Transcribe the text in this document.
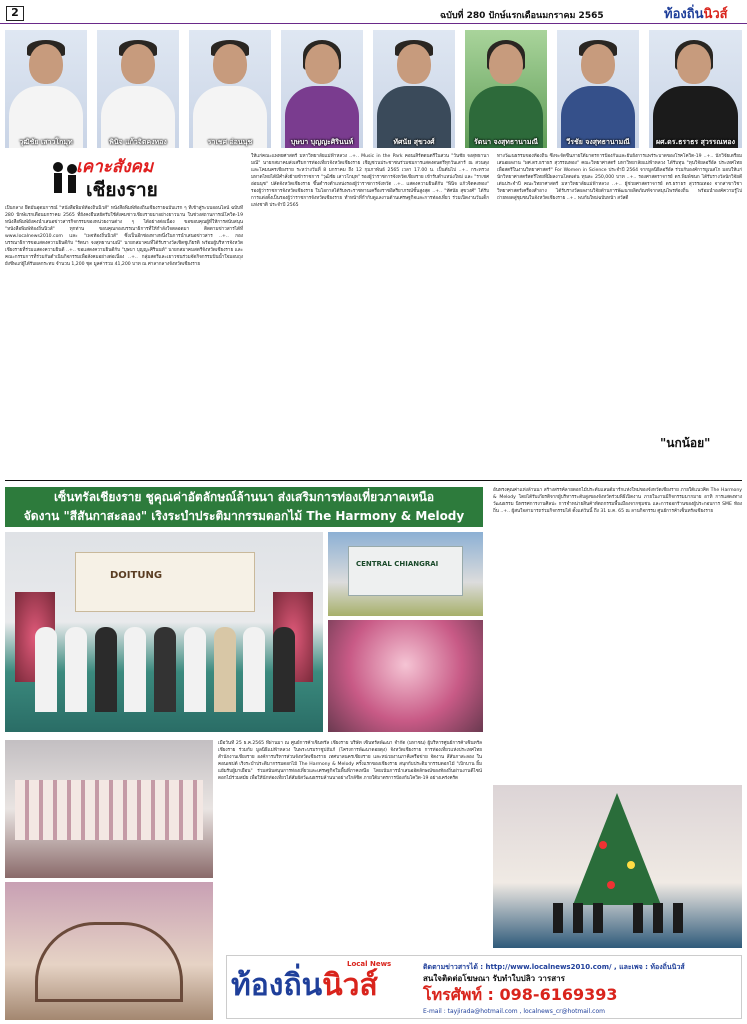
2	ฉบับที่ 280 ปักษ์แรกเดือนมกราคม 2565	ท้องถิ่นนิวส์
วุฒิชัย เสาวโกมุท	พินิจ แก้วจิตคงทอง	ราเชศ อ่อนนุช	บุษบา บุญญะศิรินนท์	ทัศนัย สุขวงศ์	รัตนา จงสุทธานามณี	วีรชัย จงสุทธานามณี	ผศ.ดร.ธราธร สุวรรณทอง
เคาะสังคม
เชียงราย
เป็นกลาง ยึดมั่นอุดมการณ์ "หนังสือพิมพ์ท้องถิ่นนิวส์" หนังสือพิมพ์ท้องถิ่นเชียงรายฉบับแรก ๆ ที่เข้าสู่ระบบออนไลน์ ฉบับที่ 280 ปักษ์แรกเดือนมกราคม 2565 ที่ยังคงยืนหยัดรับใช้สังคมชาวเชียงรายมาอย่างยาวนาน ในช่วงสถานการณ์โควิด-19 หนังสือพิมพ์ยังคงนำเสนอข่าวสารกิจกรรมของหน่วยงานต่าง ๆ ได้อย่างต่อเนื่อง ขอขอบคุณผู้ที่ให้การสนับสนุน "หนังสือพิมพ์ท้องถิ่นนิวส์" ทุกท่าน ขอบคุณกองบรรณาธิการที่ให้กำลังใจตลอดมา ติดตามข่าวสารได้ที่ www.localnews2010.com และ "เพจท้องถิ่นนิวส์" ซึ่งเป็นอีกช่องทางหนึ่งในการนำเสนอข่าวสาร ..+.. กองบรรณาธิการขอแสดงความยินดีกับ "รัตนา จงสุทธานามณี" นายกสมาคมที่ได้รับรางวัลเชิดชูเกียรติ พร้อมผู้บริหารจังหวัดเชียงรายที่ร่วมแสดงความยินดี ..+.. ขอแสดงความยินดีกับ "บุษบา บุญญะศิรินนท์" นายกสมาคมสตรีจังหวัดเชียงราย และคณะกรรมการที่ร่วมกันดำเนินกิจกรรมเพื่อสังคมอย่างต่อเนื่อง ..+.. กลุ่มสตรีและเยาวชนร่วมจัดกิจกรรมปันน้ำใจมอบถุงยังชีพแก่ผู้ได้รับผลกระทบ จำนวน 1,200 ชุด มูลค่ารวม 41,200 บาท ณ ศาลากลางจังหวัดเชียงราย
ให้แก่คณะแพทยศาสตร์ มหาวิทยาลัยแม่ฟ้าหลวง ..+.. Music in the Park คอนเสิร์ตดนตรีในสวน "วันชัย จงสุทธานามณี" นายกสมาคมส่งเสริมการท่องเที่ยวจังหวัดเชียงราย เชิญชวนประชาชนร่วมชมการแสดงดนตรีทุกวันเสาร์ ณ สวนตุงและโคมนครเชียงราย ระหว่างวันที่ 8 มกราคม ถึง 12 กุมภาพันธ์ 2565 เวลา 17.00 น. เป็นต้นไป ..+.. กระทรวงมหาดไทยได้มีคำสั่งย้ายข้าราชการ "วุฒิชัย เสาวโกมุท" รองผู้ว่าราชการจังหวัดเชียงราย เข้ารับตำแหน่งใหม่ และ "ราเชศ อ่อนนุช" ปลัดจังหวัดเชียงราย ขึ้นดำรงตำแหน่งรองผู้ว่าราชการจังหวัด ..+.. แสดงความยินดีกับ "พินิจ แก้วจิตคงทอง" รองผู้ว่าราชการจังหวัดเชียงราย ในโอกาสได้รับพระราชทานเครื่องราชอิสริยาภรณ์ชั้นสูงสุด ..+.. "ทัศนัย สุขวงศ์" ได้รับการแต่งตั้งเป็นรองผู้ว่าราชการจังหวัดเชียงราย ทำหน้าที่กำกับดูแลงานด้านเศรษฐกิจและการท่องเที่ยว ร่วมเปิดงานวันเด็กแห่งชาติ ประจำปี 2565
ทางวัฒนธรรมของท้องถิ่น ซึ่งจะจัดขึ้นภายใต้มาตรการป้องกันและยับยั้งการแพร่ระบาดของโรคโควิด-19 ..+.. นักวิจัยเตรียมเสนอผลงาน "ผศ.ดร.ธราธร สุวรรณทอง" คณะวิทยาศาสตร์ มหาวิทยาลัยแม่ฟ้าหลวง ได้รับทุน "ทุนวิจัยลอรีอัล ประเทศไทย เพื่อสตรีในงานวิทยาศาสตร์" For Women in Science ประจำปี 2564 จากมูลนิธิลอรีอัล ร่วมกับองค์การยูเนสโก มอบให้แก่นักวิทยาศาสตร์สตรีไทยที่มีผลงานโดดเด่น ทุนละ 250,000 บาท ..+.. รองศาสตราจารย์ ดร.พิมพ์ชนก ได้รับรางวัลนักวิจัยดีเด่นประจำปี คณะวิทยาศาสตร์ มหาวิทยาลัยแม่ฟ้าหลวง ..+.. ผู้ช่วยศาสตราจารย์ ดร.ธราธร สุวรรณทอง จากสาขาวิชาวิทยาศาสตร์เครื่องสำอาง ได้รับรางวัลผลงานวิจัยด้านการพัฒนาผลิตภัณฑ์จากสมุนไพรท้องถิ่น พร้อมนำองค์ความรู้ไปถ่ายทอดสู่ชุมชนในจังหวัดเชียงราย ..+.. พบกันใหม่ฉบับหน้า สวัสดี
"นกน้อย"
เซ็นทรัลเชียงราย ชูคุณค่าอัตลักษณ์ล้านนา ส่งเสริมการท่องเที่ยวภาคเหนือ
จัดงาน "สีสันกาสะลอง" เริงระบำประติมากรรมดอกไม้ The Harmony & Melody
DOITUNG
CENTRAL CHIANGRAI
อันทรงคุณค่าแห่งล้านนา สร้างสรรค์ลายดอกไม้ประดับแลนด์มาร์กแห่งใหม่ของจังหวัดเชียงราย ภายใต้แนวคิด The Harmony & Melody โดยได้รับเกียรติจากผู้บริหารระดับสูงของจังหวัดร่วมพิธีเปิดงาน ภายในงานมีกิจกรรมมากมาย อาทิ การแสดงทางวัฒนธรรม นิทรรศการงานศิลปะ การจำหน่ายสินค้าหัตถกรรมพื้นเมืองจากชุมชน และการออกร้านของผู้ประกอบการ SME ท้องถิ่น ..+.. ผู้สนใจสามารถร่วมกิจกรรมได้ ตั้งแต่วันนี้ ถึง 31 ม.ค. 65 ณ ลานกิจกรรม ศูนย์การค้าเซ็นทรัลเชียงราย
เมื่อวันที่ 25 ธ.ค.2565 ที่ผ่านมา ณ ศูนย์การค้าเซ็นทรัล เชียงราย บริษัท เซ็นทรัลพัฒนา จำกัด (มหาชน) ผู้บริหารศูนย์การค้าเซ็นทรัล เชียงราย ร่วมกับ มูลนิธิแม่ฟ้าหลวง ในพระบรมราชูปถัมภ์ (โครงการพัฒนาดอยตุง) จังหวัดเชียงราย การท่องเที่ยวแห่งประเทศไทย สำนักงานเชียงราย องค์การบริหารส่วนจังหวัดเชียงราย เทศบาลนครเชียงราย และหน่วยงานภาคีเครือข่าย จัดงาน สีสันกาสะลอง ในคอนเซปต์ เริงระบำประติมากรรมดอกไม้ The Harmony & Melody ครั้งแรกของเชียงราย สนุกกับประติมากรรมดอกไม้ "เบิกบาน ยิ้มแย้มรับผู้มาเยือน" ร่วมสนับสนุนการท่องเที่ยวและเศรษฐกิจในพื้นที่ภาคเหนือ โดยเน้นการนำเสนออัตลักษณ์ของท้องถิ่นผ่านงานดีไซน์ดอกไม้ร่วมสมัย เพื่อให้นักท่องเที่ยวได้สัมผัสวัฒนธรรมล้านนาอย่างใกล้ชิด ภายใต้มาตรการป้องกันโควิด-19 อย่างเคร่งครัด
ท้องถิ่นนิวส์
Local News	ติดตามข่าวสารได้ : http://www.localnews2010.com/ , และเพจ : ท้องถิ่นนิวส์
สนใจติดต่อโฆษณา รับทำใบปลิว วารสาร
โทรศัพท์ : 098-6169393
E-mail : tayjirada@hotmail.com , localnews_cr@hotmail.com
